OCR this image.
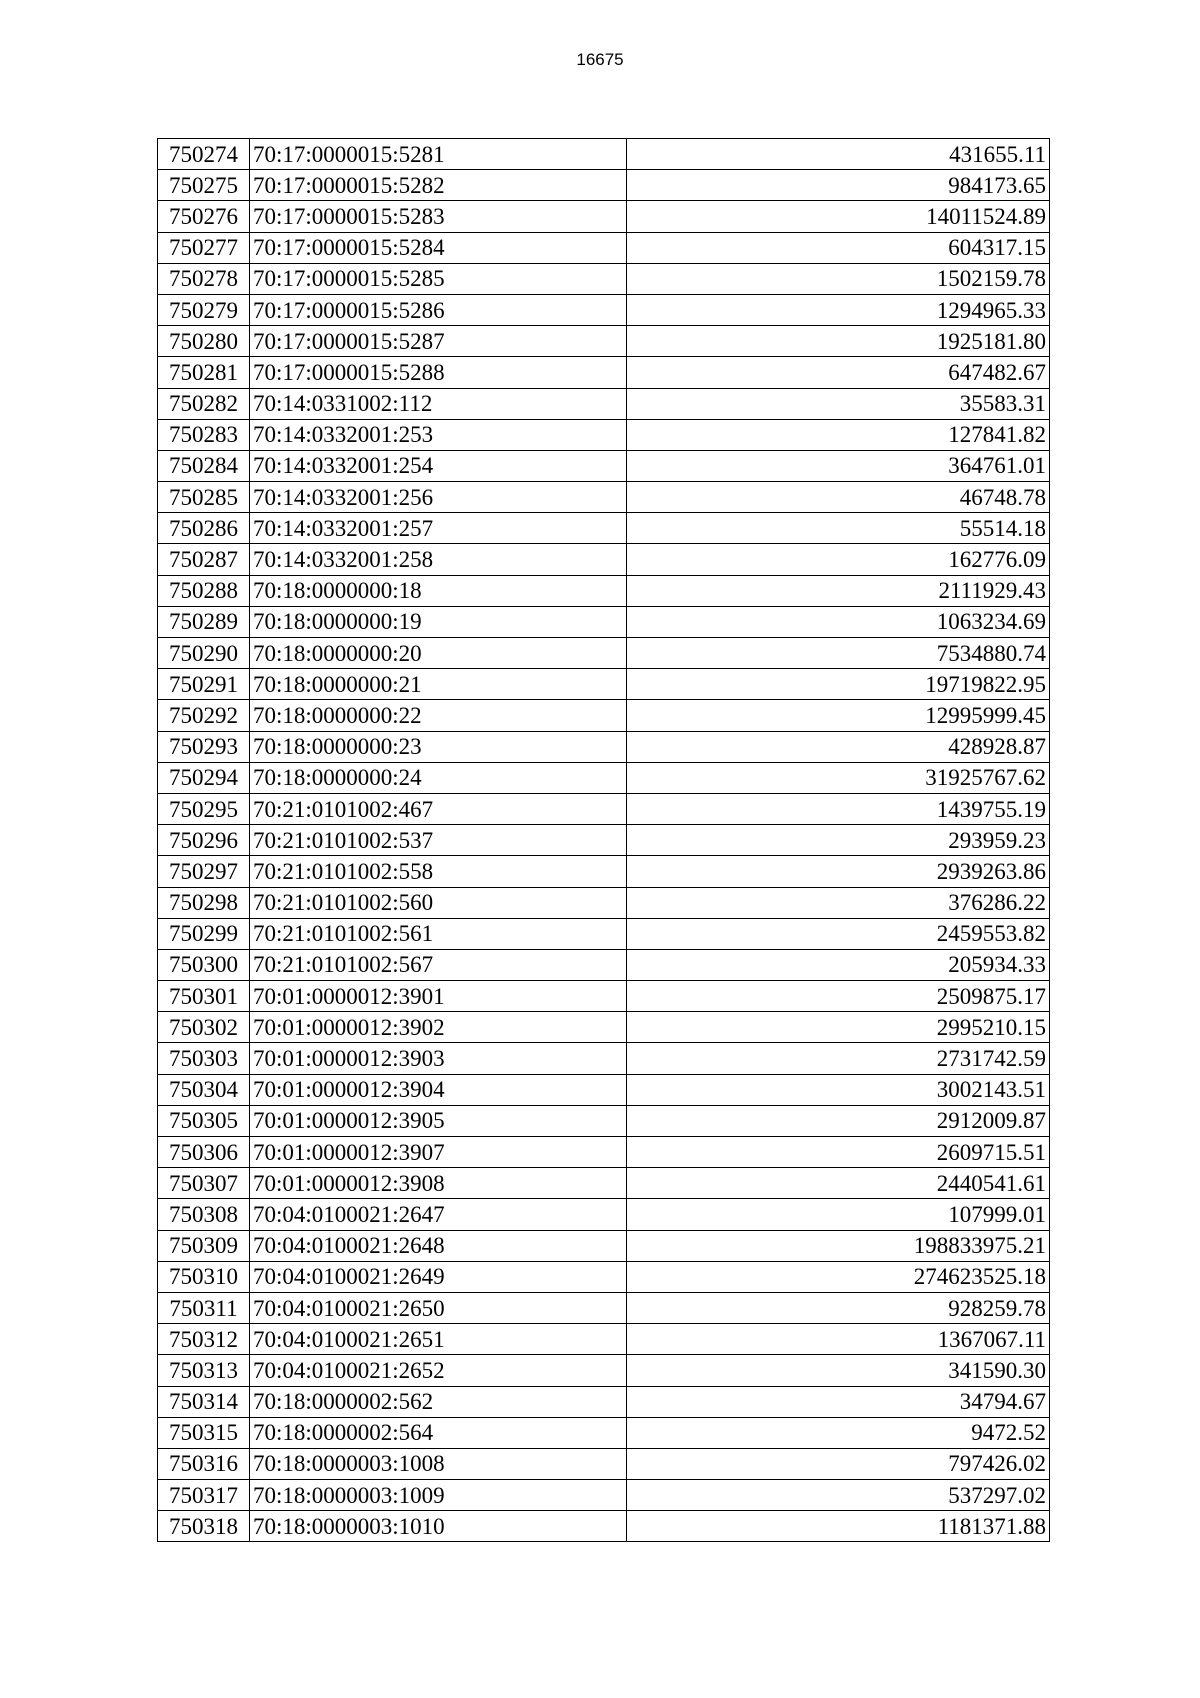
16675
750274	70:17:0000015:5281	431655.11
750275	70:17:0000015:5282	984173.65
750276	70:17:0000015:5283	14011524.89
750277	70:17:0000015:5284	604317.15
750278	70:17:0000015:5285	1502159.78
750279	70:17:0000015:5286	1294965.33
750280	70:17:0000015:5287	1925181.80
750281	70:17:0000015:5288	647482.67
750282	70:14:0331002:112	35583.31
750283	70:14:0332001:253	127841.82
750284	70:14:0332001:254	364761.01
750285	70:14:0332001:256	46748.78
750286	70:14:0332001:257	55514.18
750287	70:14:0332001:258	162776.09
750288	70:18:0000000:18	2111929.43
750289	70:18:0000000:19	1063234.69
750290	70:18:0000000:20	7534880.74
750291	70:18:0000000:21	19719822.95
750292	70:18:0000000:22	12995999.45
750293	70:18:0000000:23	428928.87
750294	70:18:0000000:24	31925767.62
750295	70:21:0101002:467	1439755.19
750296	70:21:0101002:537	293959.23
750297	70:21:0101002:558	2939263.86
750298	70:21:0101002:560	376286.22
750299	70:21:0101002:561	2459553.82
750300	70:21:0101002:567	205934.33
750301	70:01:0000012:3901	2509875.17
750302	70:01:0000012:3902	2995210.15
750303	70:01:0000012:3903	2731742.59
750304	70:01:0000012:3904	3002143.51
750305	70:01:0000012:3905	2912009.87
750306	70:01:0000012:3907	2609715.51
750307	70:01:0000012:3908	2440541.61
750308	70:04:0100021:2647	107999.01
750309	70:04:0100021:2648	198833975.21
750310	70:04:0100021:2649	274623525.18
750311	70:04:0100021:2650	928259.78
750312	70:04:0100021:2651	1367067.11
750313	70:04:0100021:2652	341590.30
750314	70:18:0000002:562	34794.67
750315	70:18:0000002:564	9472.52
750316	70:18:0000003:1008	797426.02
750317	70:18:0000003:1009	537297.02
750318	70:18:0000003:1010	1181371.88
